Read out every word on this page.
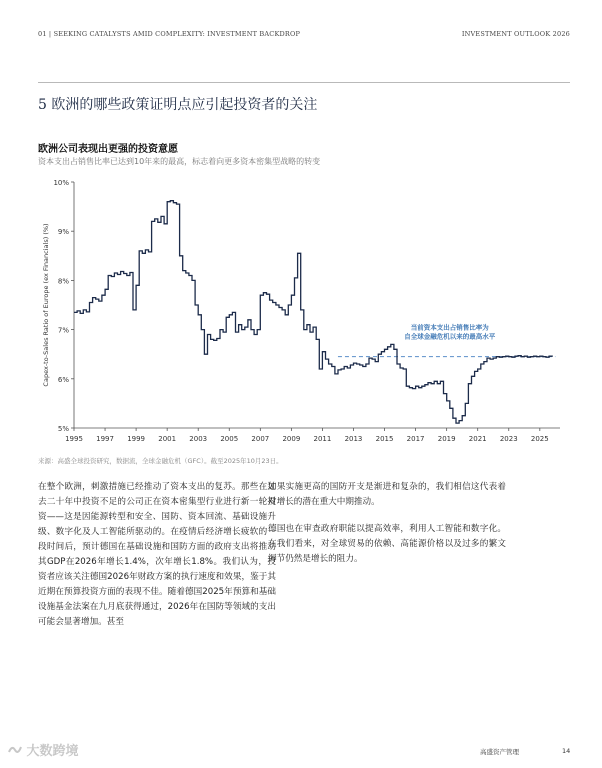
01 | SEEKING CATALYSTS AMID COMPLEXITY: INVESTMENT BACKDROP	INVESTMENT OUTLOOK 2026
5 欧洲的哪些政策证明点应引起投资者的关注
欧洲公司表现出更强的投资意愿
资本支出占销售比率已达到10年来的最高，标志着向更多资本密集型战略的转变
5%
6%
7%
8%
9%
10%
1995 1997 1999 2001 2003 2005 2007 2009 2011 2013 2015 2017 2019 2021 2023 2025
Capex-to-Sales Ratio of Europe (ex Financials) (%)	当前资本支出占销售比率为
自全球金融危机以来的最高水平
来源：高盛全球投资研究，数据流，全球金融危机（GFC）。截至2025年10月23日。

在整个欧洲，刺激措施已经推动了资本支出的复苏。那些在过去二十年中投资不足的公司正在资本密集型行业进行新一轮投资——这是因能源转型和安全、国防、资本回流、基础设施升级、数字化及人工智能所驱动的。在疫情后经济增长疲软的一段时间后，预计德国在基础设施和国防方面的政府支出将推动其GDP在2026年增长1.4%，次年增长1.8%。我们认为，投资者应该关注德国2026年财政方案的执行速度和效果，鉴于其近期在预算投资方面的表现不佳。随着德国2025年预算和基础设施基金法案在九月底获得通过，2026年在国防等领域的支出可能会显著增加。甚至

如果实施更高的国防开支是渐进和复杂的，我们相信这代表着对增长的潜在重大中期推动。

德国也在审查政府职能以提高效率，利用人工智能和数字化。在我们看来，对全球贸易的依赖、高能源价格以及过多的繁文缛节仍然是增长的阻力。

大数跨境	高盛资产管理	14
